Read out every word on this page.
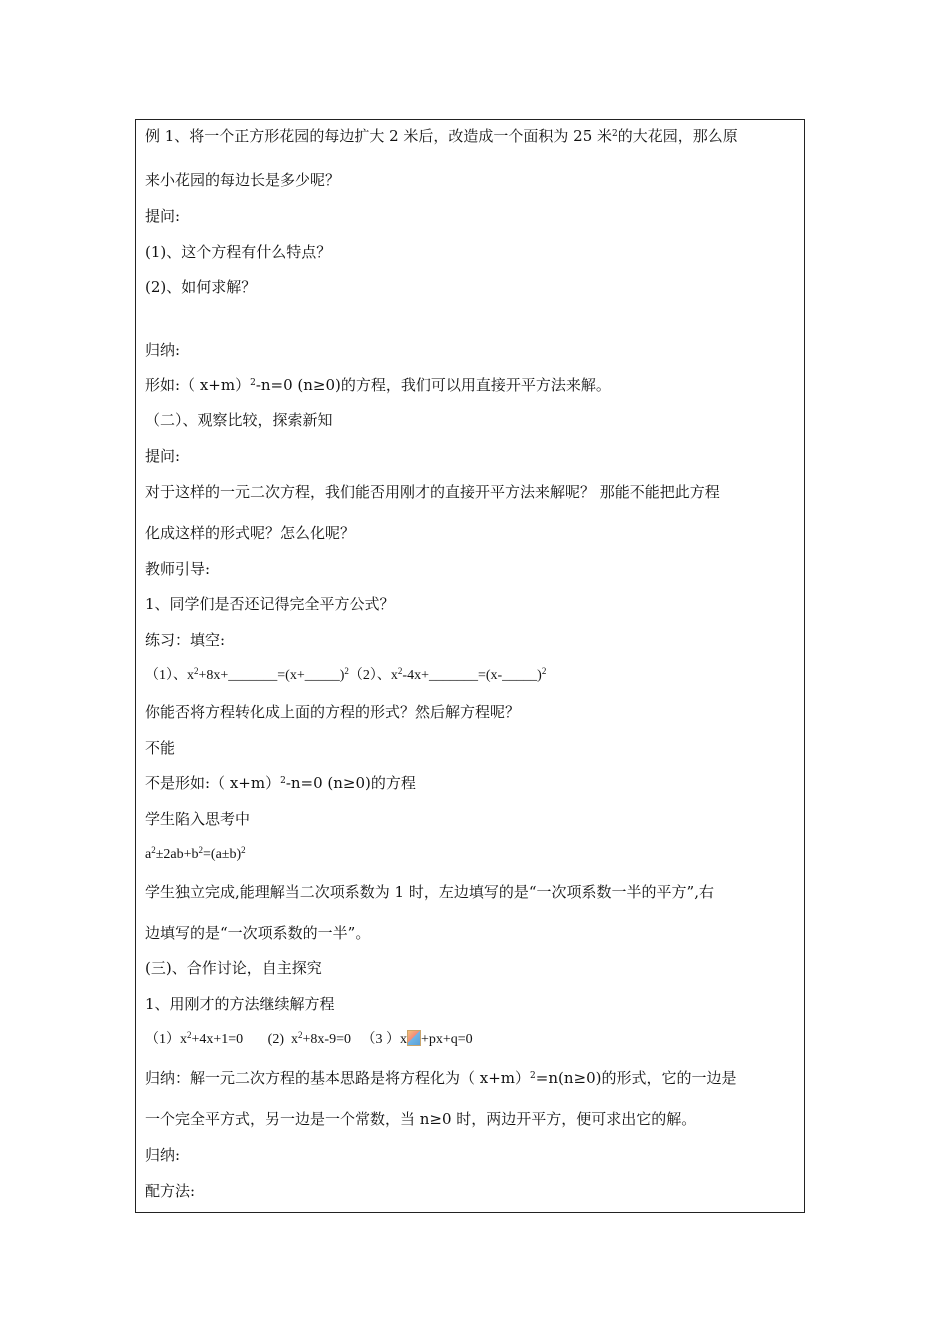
例 1、将一个正方形花园的每边扩大 2 米后，改造成一个面积为 25 米$^2$的大花园，那么原
来小花园的每边长是多少呢？
提问:
(1)、这个方程有什么特点？
(2)、如何求解？
归纳:
形如:（ x+m）$^2$-n=0 (n≥0)的方程，我们可以用直接开平方法来解。
（二）、观察比较，探索新知
提问:
对于这样的一元二次方程，我们能否用刚才的直接开平方法来解呢？ 那能不能把此方程
化成这样的形式呢？怎么化呢？
教师引导:
1、同学们是否还记得完全平方公式？
练习：填空:
（1）、$x^2+8x+\_\_\_\_\_\_\_=(x+\_\_\_\_\_)^2(2)$、$x^2-4x+\_\_\_\_\_\_\_=(x-\_\_\_\_\_)^2$
你能否将方程转化成上面的方程的形式？然后解方程呢？
不能
不是形如:（ x+m）$^2$-n=0 (n≥0)的方程
学生陷入思考中
$a^2\pm 2ab+b^2=(a\pm b)^2$
学生独立完成,能理解当二次项系数为 1 时，左边填写的是“一次项系数一半的平方”,右
边填写的是“一次项系数的一半”。
(三)、合作讨论，自主探究
1、用刚才的方法继续解方程
$(1)x^2+4x+1=0$       (2)  $x^2+8x-9=0$   （3 ）x +px+q=0
归纳：解一元二次方程的基本思路是将方程化为（ x+m）$^2$=n(n≥0)的形式，它的一边是
一个完全平方式，另一边是一个常数，当 n≥0 时，两边开平方，便可求出它的解。
归纳:
配方法:
